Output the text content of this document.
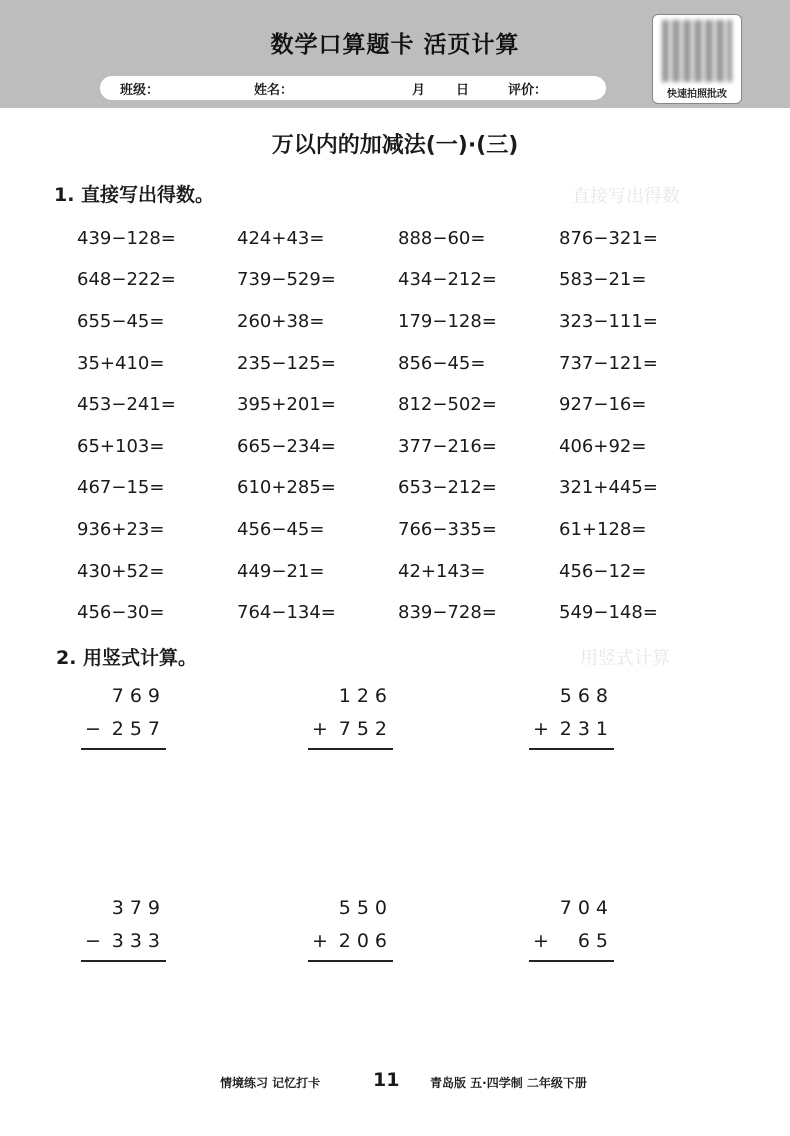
数学口算题卡 活页计算
班级：	姓名：	月 日	评价：	快速拍照批改
万以内的加减法(一)·(三)
直接写出得数
用竖式计算
1. 直接写出得数。
439−128=	424+43=	888−60=	876−321=
648−222=	739−529=	434−212=	583−21=
655−45=	260+38=	179−128=	323−111=
35+410=	235−125=	856−45=	737−121=
453−241=	395+201=	812−502=	927−16=
65+103=	665−234=	377−216=	406+92=
467−15=	610+285=	653−212=	321+445=
936+23=	456−45=	766−335=	61+128=
430+52=	449−21=	42+143=	456−12=
456−30=	764−134=	839−728=	549−148=
2. 用竖式计算。
769
− 257
126
+ 752
568
+ 231
379
− 333
550
+ 206
704
+ 65
情境练习 记忆打卡	11	青岛版 五·四学制 二年级下册
